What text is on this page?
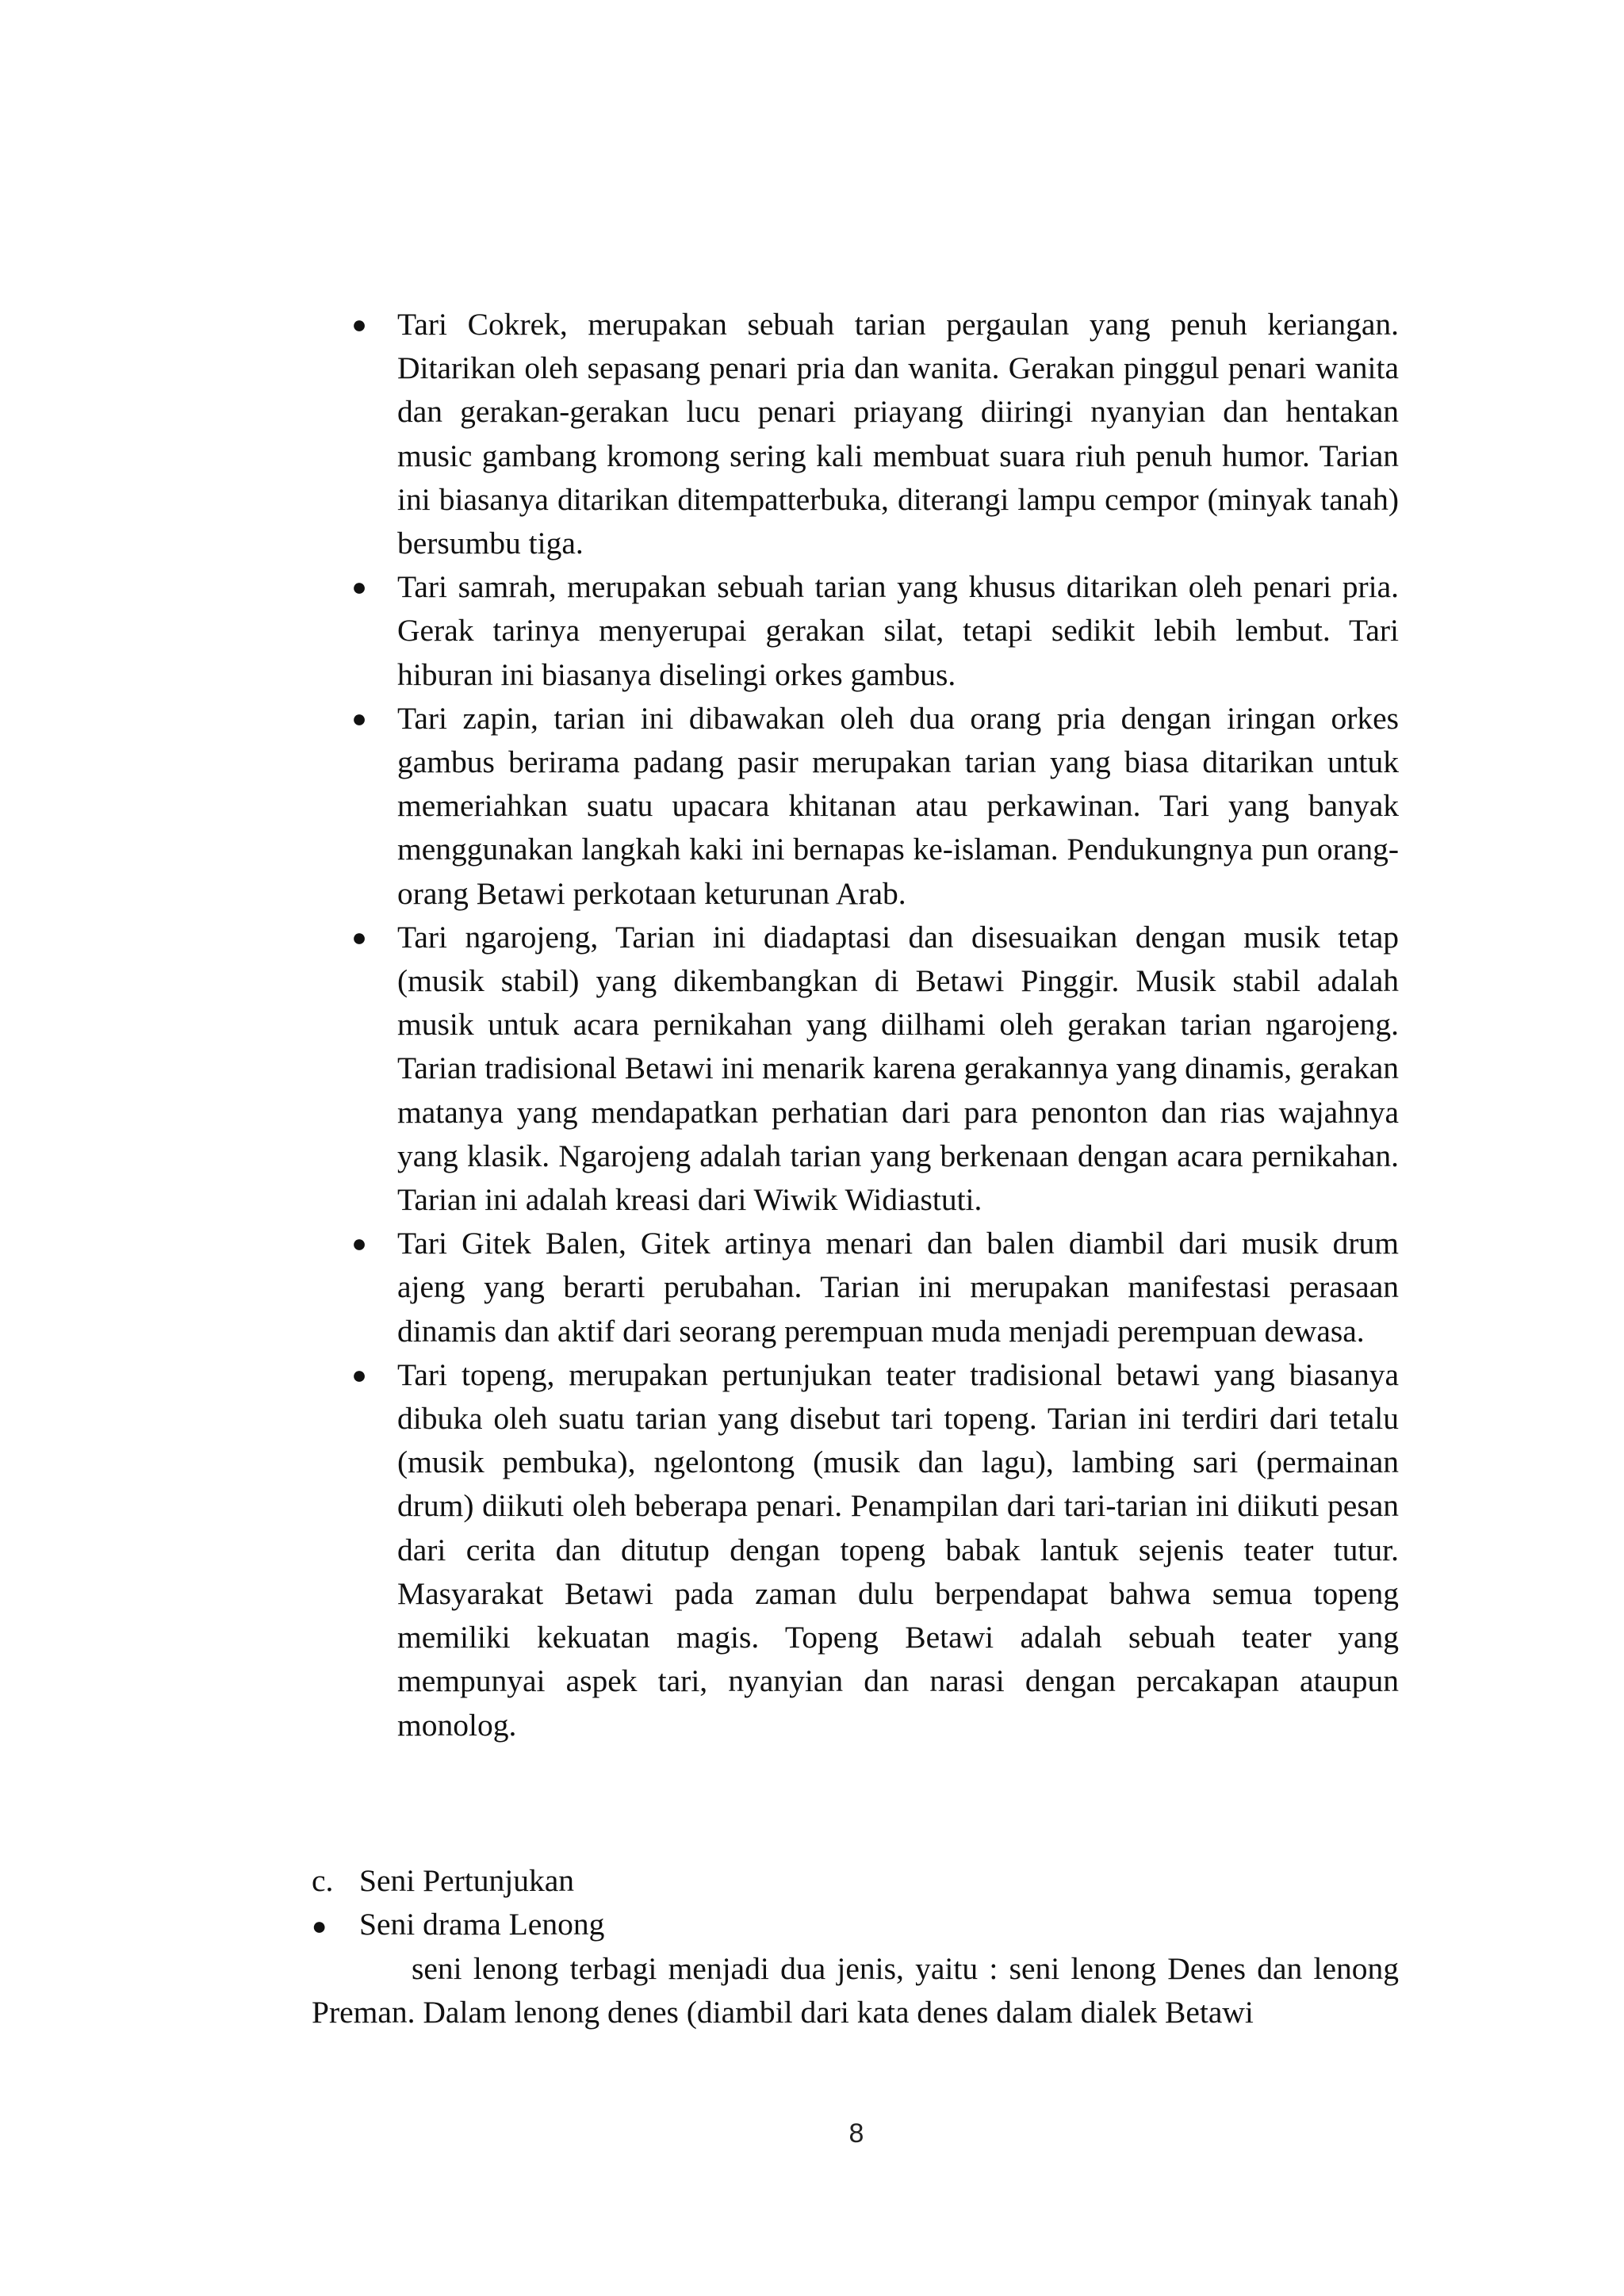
● Tari Cokrek, merupakan sebuah tarian pergaulan yang penuh keriangan. Ditarikan oleh sepasang penari pria dan wanita. Gerakan pinggul penari wanita dan gerakan-gerakan lucu penari priayang diiringi nyanyian dan hentakan music gambang kromong sering kali membuat suara riuh penuh humor. Tarian ini biasanya ditarikan ditempatterbuka, diterangi lampu cempor (minyak tanah) bersumbu tiga.
● Tari samrah, merupakan sebuah tarian yang khusus ditarikan oleh penari pria. Gerak tarinya menyerupai gerakan silat, tetapi sedikit lebih lembut. Tari hiburan ini biasanya diselingi orkes gambus.
● Tari zapin, tarian ini dibawakan oleh dua orang pria dengan iringan orkes gambus berirama padang pasir merupakan tarian yang biasa ditarikan untuk memeriahkan suatu upacara khitanan atau perkawinan. Tari yang banyak menggunakan langkah kaki ini bernapas ke-islaman. Pendukungnya pun orang-orang Betawi perkotaan keturunan Arab.
● Tari ngarojeng, Tarian ini diadaptasi dan disesuaikan dengan musik tetap (musik stabil) yang dikembangkan di Betawi Pinggir. Musik stabil adalah musik untuk acara pernikahan yang diilhami oleh gerakan tarian ngarojeng. Tarian tradisional Betawi ini menarik karena gerakannya yang dinamis, gerakan matanya yang mendapatkan perhatian dari para penonton dan rias wajahnya yang klasik. Ngarojeng adalah tarian yang berkenaan dengan acara pernikahan. Tarian ini adalah kreasi dari Wiwik Widiastuti.
● Tari Gitek Balen, Gitek artinya menari dan balen diambil dari musik drum ajeng yang berarti perubahan. Tarian ini merupakan manifestasi perasaan dinamis dan aktif dari seorang perempuan muda menjadi perempuan dewasa.
● Tari topeng, merupakan pertunjukan teater tradisional betawi yang biasanya dibuka oleh suatu tarian yang disebut tari topeng. Tarian ini terdiri dari tetalu (musik pembuka), ngelontong (musik dan lagu), lambing sari (permainan drum) diikuti oleh beberapa penari. Penampilan dari tari-tarian ini diikuti pesan dari cerita dan ditutup dengan topeng babak lantuk sejenis teater tutur. Masyarakat Betawi pada zaman dulu berpendapat bahwa semua topeng memiliki kekuatan magis. Topeng Betawi adalah sebuah teater yang mempunyai aspek tari, nyanyian dan narasi dengan percakapan ataupun monolog.

c. Seni Pertunjukan

● Seni drama Lenong

seni lenong terbagi menjadi dua jenis, yaitu : seni lenong Denes dan lenong Preman. Dalam lenong denes (diambil dari kata denes dalam dialek Betawi

8
